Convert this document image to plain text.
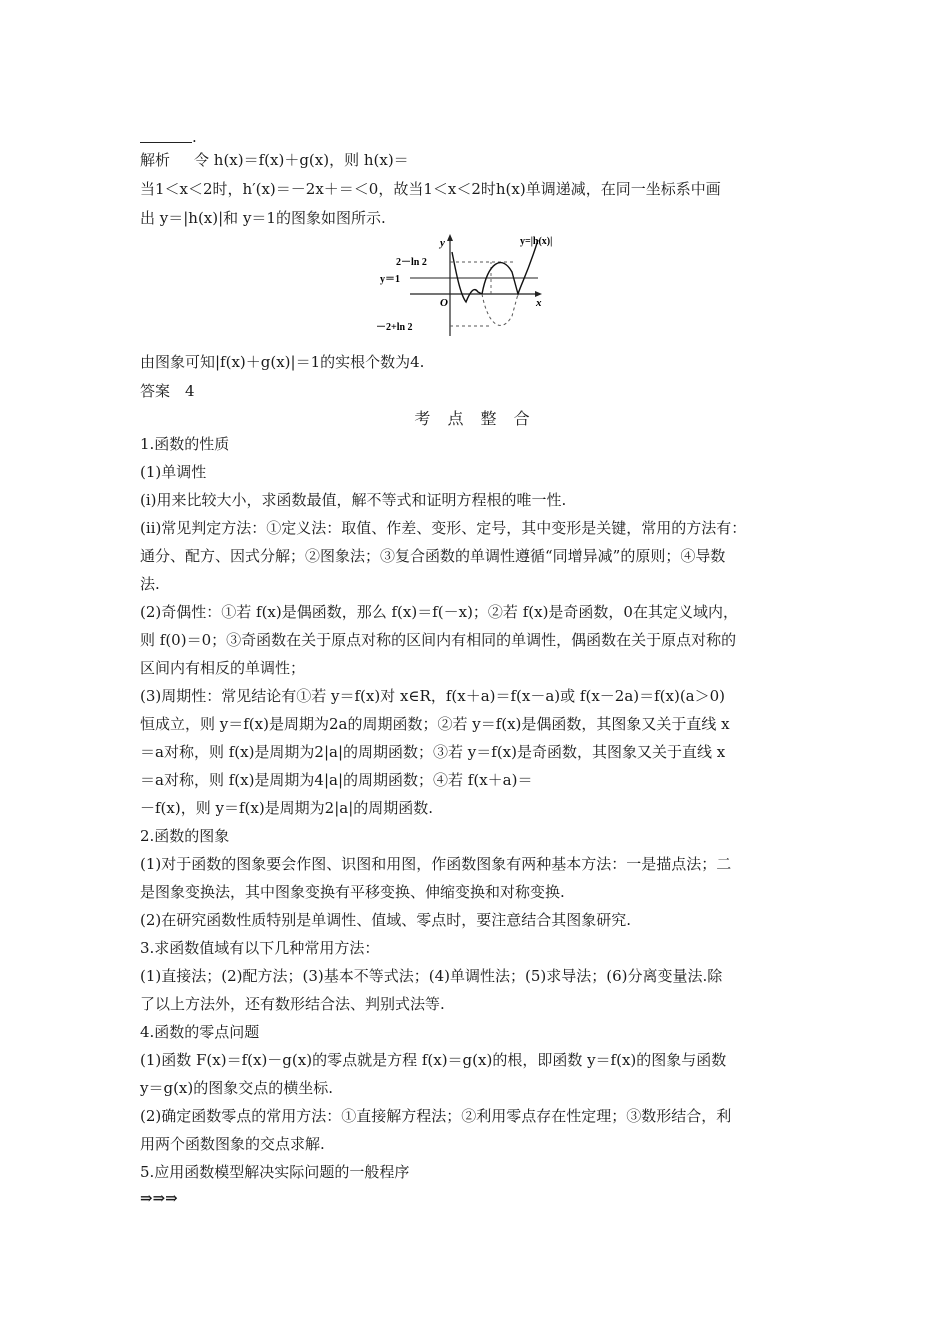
.
解析 令 h(x)＝f(x)＋g(x)，则 h(x)＝
当1＜x＜2时，h′(x)＝－2x＋＝＜0，故当1＜x＜2时h(x)单调递减，在同一坐标系中画
出 y＝|h(x)|和 y＝1的图象如图所示.
y
x
O
y=|h(x)|
2－ln 2
y＝1
－2+ln 2
由图象可知|f(x)＋g(x)|＝1的实根个数为4.
答案　4
考 点 整 合
1.函数的性质
(1)单调性
(ⅰ)用来比较大小，求函数最值，解不等式和证明方程根的唯一性.
(ⅱ)常见判定方法：①定义法：取值、作差、变形、定号，其中变形是关键，常用的方法有：
通分、配方、因式分解；②图象法；③复合函数的单调性遵循“同增异减”的原则；④导数
法.
(2)奇偶性：①若 f(x)是偶函数，那么 f(x)＝f(－x)；②若 f(x)是奇函数，0在其定义域内，
则 f(0)＝0；③奇函数在关于原点对称的区间内有相同的单调性，偶函数在关于原点对称的
区间内有相反的单调性；
(3)周期性：常见结论有①若 y＝f(x)对 x∈R，f(x＋a)＝f(x－a)或 f(x－2a)＝f(x)(a＞0)
恒成立，则 y＝f(x)是周期为2a的周期函数；②若 y＝f(x)是偶函数，其图象又关于直线 x
＝a对称，则 f(x)是周期为2|a|的周期函数；③若 y＝f(x)是奇函数，其图象又关于直线 x
＝a对称，则 f(x)是周期为4|a|的周期函数；④若 f(x＋a)＝
－f(x)，则 y＝f(x)是周期为2|a|的周期函数.
2.函数的图象
(1)对于函数的图象要会作图、识图和用图，作函数图象有两种基本方法：一是描点法；二
是图象变换法，其中图象变换有平移变换、伸缩变换和对称变换.
(2)在研究函数性质特别是单调性、值域、零点时，要注意结合其图象研究.
3.求函数值域有以下几种常用方法：
(1)直接法；(2)配方法；(3)基本不等式法；(4)单调性法；(5)求导法；(6)分离变量法.除
了以上方法外，还有数形结合法、判别式法等.
4.函数的零点问题
(1)函数 F(x)＝f(x)－g(x)的零点就是方程 f(x)＝g(x)的根，即函数 y＝f(x)的图象与函数
y＝g(x)的图象交点的横坐标.
(2)确定函数零点的常用方法：①直接解方程法；②利用零点存在性定理；③数形结合，利
用两个函数图象的交点求解.
5.应用函数模型解决实际问题的一般程序
⇒⇒⇒
